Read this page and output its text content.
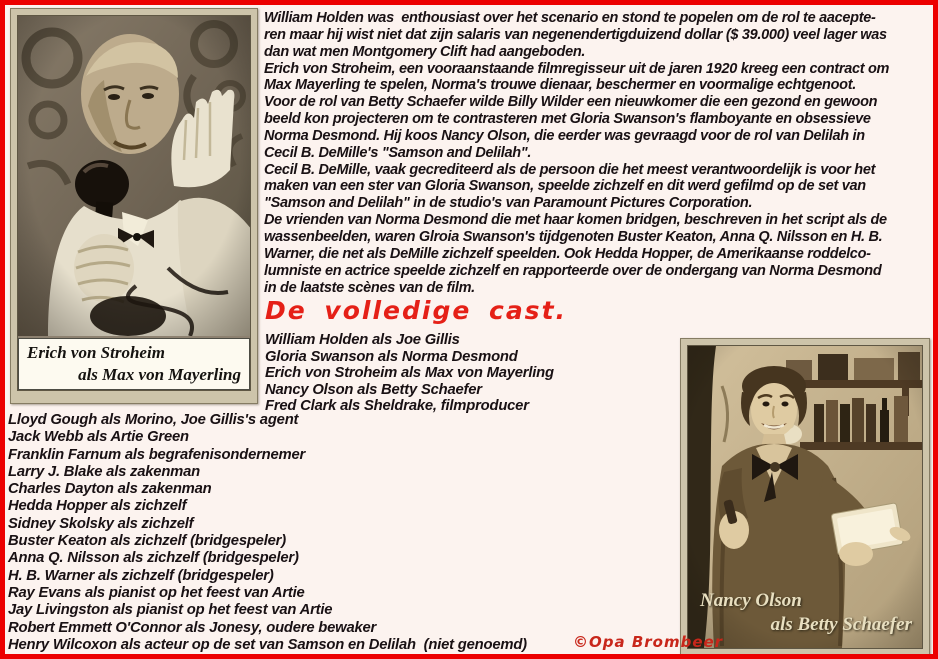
Erich von Stroheim
als Max von Mayerling
William Holden was  enthousiast over het scenario en stond te popelen om de rol te aacepte-
ren maar hij wist niet dat zijn salaris van negenendertigduizend dollar ($ 39.000) veel lager was
dan wat men Montgomery Clift had aangeboden.
Erich von Stroheim, een vooraanstaande filmregisseur uit de jaren 1920 kreeg een contract om
Max Mayerling te spelen, Norma's trouwe dienaar, beschermer en voormalige echtgenoot.
Voor de rol van Betty Schaefer wilde Billy Wilder een nieuwkomer die een gezond en gewoon
beeld kon projecteren om te contrasteren met Gloria Swanson's flamboyante en obsessieve
Norma Desmond. Hij koos Nancy Olson, die eerder was gevraagd voor de rol van Delilah in
Cecil B. DeMille's "Samson and Delilah".
Cecil B. DeMille, vaak gecrediteerd als de persoon die het meest verantwoordelijk is voor het
maken van een ster van Gloria Swanson, speelde zichzelf en dit werd gefilmd op de set van
"Samson and Delilah" in de studio's van Paramount Pictures Corporation.
De vrienden van Norma Desmond die met haar komen bridgen, beschreven in het script als de
wassenbeelden, waren Glroia Swanson's tijdgenoten Buster Keaton, Anna Q. Nilsson en H. B.
Warner, die net als DeMille zichzelf speelden. Ook Hedda Hopper, de Amerikaanse roddelco-
lumniste en actrice speelde zichzelf en rapporteerde over de ondergang van Norma Desmond
in de laatste scènes van de film.
De volledige cast.
William Holden als Joe Gillis
Gloria Swanson als Norma Desmond
Erich von Stroheim als Max von Mayerling
Nancy Olson als Betty Schaefer
Fred Clark als Sheldrake, filmproducer
Lloyd Gough als Morino, Joe Gillis's agent
Jack Webb als Artie Green
Franklin Farnum als begrafenisondernemer
Larry J. Blake als zakenman
Charles Dayton als zakenman
Hedda Hopper als zichzelf
Sidney Skolsky als zichzelf
Buster Keaton als zichzelf (bridgespeler)
Anna Q. Nilsson als zichzelf (bridgespeler)
H. B. Warner als zichzelf (bridgespeler)
Ray Evans als pianist op het feest van Artie
Jay Livingston als pianist op het feest van Artie
Robert Emmett O'Connor als Jonesy, oudere bewaker
Henry Wilcoxon als acteur op de set van Samson en Delilah  (niet genoemd)
Nancy Olson
als Betty Schaefer
©Opa Brombeer
